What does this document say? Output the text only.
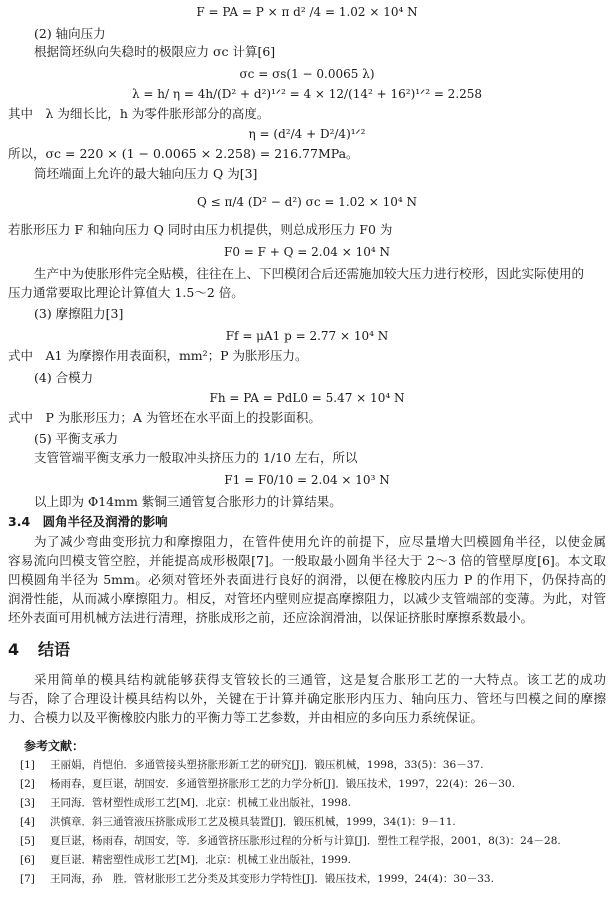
F = PA = P × π d² /4 = 1.02 × 10⁴ N
(2) 轴向压力
根据筒坯纵向失稳时的极限应力 σc 计算[6]
σc = σs(1 − 0.0065 λ)
λ = h/ η = 4h/(D² + d²)¹ᐟ² = 4 × 12/(14² + 16²)¹ᐟ² = 2.258
其中　λ 为细长比，h 为零件胀形部分的高度。
η = (d²/4 + D²/4)¹ᐟ²
所以，σc = 220 × (1 − 0.0065 × 2.258) = 216.77MPa。
筒坯端面上允许的最大轴向压力 Q 为[3]
Q ≤ π/4 (D² − d²) σc = 1.02 × 10⁴ N
若胀形压力 F 和轴向压力 Q 同时由压力机提供，则总成形压力 F0 为
F0 = F + Q = 2.04 × 10⁴ N
生产中为使胀形件完全贴模，往往在上、下凹模闭合后还需施加较大压力进行校形，因此实际使用的
压力通常要取比理论计算值大 1.5～2 倍。
(3) 摩擦阻力[3]
Ff = μA1 p = 2.77 × 10⁴ N
式中　A1 为摩擦作用表面积，mm²；P 为胀形压力。
(4) 合模力
Fh = PA = PdL0 = 5.47 × 10⁴ N
式中　P 为胀形压力；A 为管坯在水平面上的投影面积。
(5) 平衡支承力
支管管端平衡支承力一般取冲头挤压力的 1/10 左右，所以
F1 = F0/10 = 2.04 × 10³ N
以上即为 Φ14mm 紫铜三通管复合胀形力的计算结果。
3.4　圆角半径及润滑的影响
为了减少弯曲变形抗力和摩擦阻力，在管件使用允许的前提下，应尽量增大凹模圆角半径，以使金属
容易流向凹模支管空腔，并能提高成形极限[7]。一般取最小圆角半径大于 2～3 倍的管壁厚度[6]。本文取
凹模圆角半径为 5mm。必须对管坯外表面进行良好的润滑，以便在橡胶内压力 P 的作用下，仍保持高的
润滑性能，从而减小摩擦阻力。相反，对管坯内壁则应提高摩擦阻力，以减少支管端部的变薄。为此，对管
坯外表面可用机械方法进行清理，挤胀成形之前，还应涂润滑油，以保证挤胀时摩擦系数最小。
4 结语
采用简单的模具结构就能够获得支管较长的三通管，这是复合胀形工艺的一大特点。该工艺的成功
与否，除了合理设计模具结构以外，关键在于计算并确定胀形内压力、轴向压力、管坯与凹模之间的摩擦
力、合模力以及平衡橡胶内胀力的平衡力等工艺参数，并由相应的多向压力系统保证。
参考文献：
[1] 王丽娟，肖恺伯．多通管接头塑挤胀形新工艺的研究[J]．锻压机械，1998，33(5)：36－37.
[2] 杨雨春，夏巨谌，胡国安．多通管塑挤胀形工艺的力学分析[J]．锻压技术，1997，22(4)：26－30.
[3] 王同海．管材塑性成形工艺[M]．北京：机械工业出版社，1998.
[4] 洪慎章．斜三通管液压挤胀成形工艺及模具装置[J]．锻压机械，1999，34(1)：9－11.
[5] 夏巨谌，杨雨春，胡国安，等．多通管挤压胀形过程的分析与计算[J]．塑性工程学报，2001，8(3)：24－28.
[6] 夏巨谌．精密塑性成形工艺[M]．北京：机械工业出版社，1999.
[7] 王同海，孙　胜．管材胀形工艺分类及其变形力学特性[J]．锻压技术，1999，24(4)：30－33.
